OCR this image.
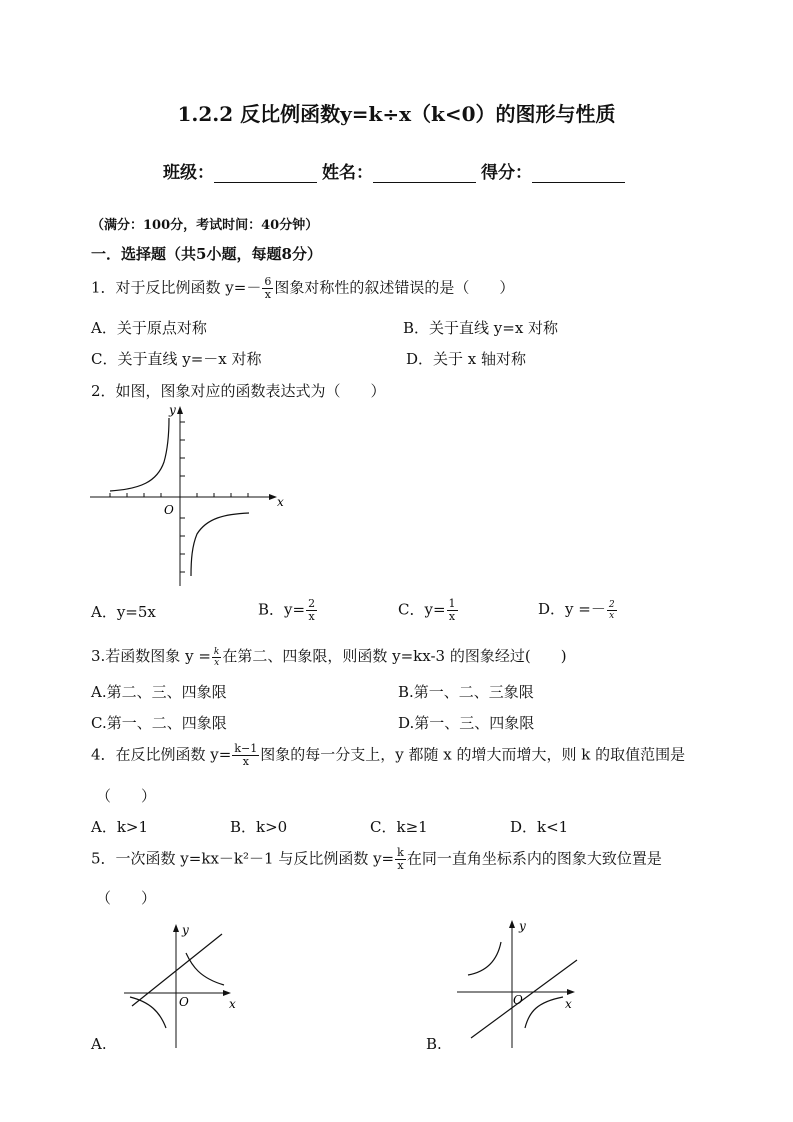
1.2.2 反比例函数y=k÷x（k<0）的图形与性质
班级：	姓名：	得分：
（满分：100分，考试时间：40分钟）
一．选择题（共5小题，每题8分）
1．对于反比例函数 $y=- \frac{6}{x}$ 图象对称性的叙述错误的是（　　）
A．关于原点对称	B．关于直线 y=x 对称
C．关于直线 y=－x 对称	D．关于 x 轴对称
2．如图，图象对应的函数表达式为（　　）
y
x
O
A．y=5x	B．$y= \frac{2}{x}$	C．$y= \frac{1}{x}$	D．$y =- \frac{2}{x}$
3.若函数图象 $y = \frac{k}{x}$ 在第二、四象限，则函数 y=kx-3 的图象经过(　　)
A.第二、三、四象限	B.第一、二、三象限
C.第一、二、四象限	D.第一、三、四象限
4．在反比例函数 $y= \frac{k-1}{x}$ 图象的每一分支上，y 都随 x 的增大而增大，则 k 的取值范围是
（　　）
A．k>1	B．k>0	C．k≥1	D．k<1
5．一次函数 y=kx－k²－1 与反比例函数 $y= \frac{k}{x}$ 在同一直角坐标系内的图象大致位置是
（　　）
y
x
O
A.
y
x
O
B.
